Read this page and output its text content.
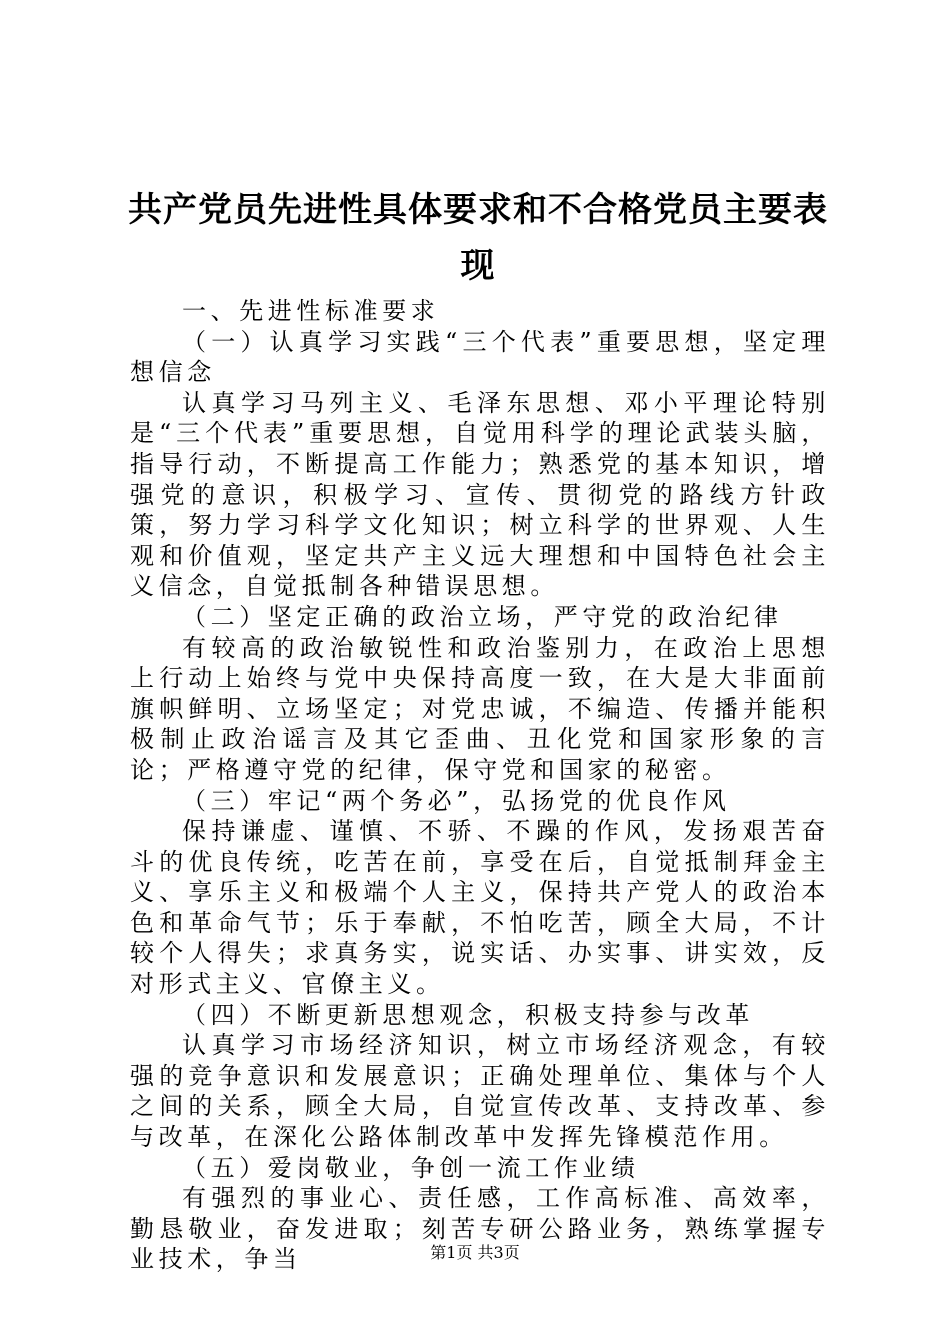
共产党员先进性具体要求和不合格党员主要表现

一、先进性标准要求

（一）认真学习实践“三个代表”重要思想，坚定理想信念

认真学习马列主义、毛泽东思想、邓小平理论特别是“三个代表”重要思想，自觉用科学的理论武装头脑，指导行动，不断提高工作能力；熟悉党的基本知识，增强党的意识，积极学习、宣传、贯彻党的路线方针政策，努力学习科学文化知识；树立科学的世界观、人生观和价值观，坚定共产主义远大理想和中国特色社会主义信念，自觉抵制各种错误思想。

（二）坚定正确的政治立场，严守党的政治纪律

有较高的政治敏锐性和政治鉴别力，在政治上思想上行动上始终与党中央保持高度一致，在大是大非面前旗帜鲜明、立场坚定；对党忠诚，不编造、传播并能积极制止政治谣言及其它歪曲、丑化党和国家形象的言论；严格遵守党的纪律，保守党和国家的秘密。

（三）牢记“两个务必”，弘扬党的优良作风

保持谦虚、谨慎、不骄、不躁的作风，发扬艰苦奋斗的优良传统，吃苦在前，享受在后，自觉抵制拜金主义、享乐主义和极端个人主义，保持共产党人的政治本色和革命气节；乐于奉献，不怕吃苦，顾全大局，不计较个人得失；求真务实，说实话、办实事、讲实效，反对形式主义、官僚主义。

（四）不断更新思想观念，积极支持参与改革

认真学习市场经济知识，树立市场经济观念，有较强的竞争意识和发展意识；正确处理单位、集体与个人之间的关系，顾全大局，自觉宣传改革、支持改革、参与改革，在深化公路体制改革中发挥先锋模范作用。

（五）爱岗敬业，争创一流工作业绩

有强烈的事业心、责任感，工作高标准、高效率，勤恳敬业，奋发进取；刻苦专研公路业务，熟练掌握专业技术，争当	第1页 共3页
